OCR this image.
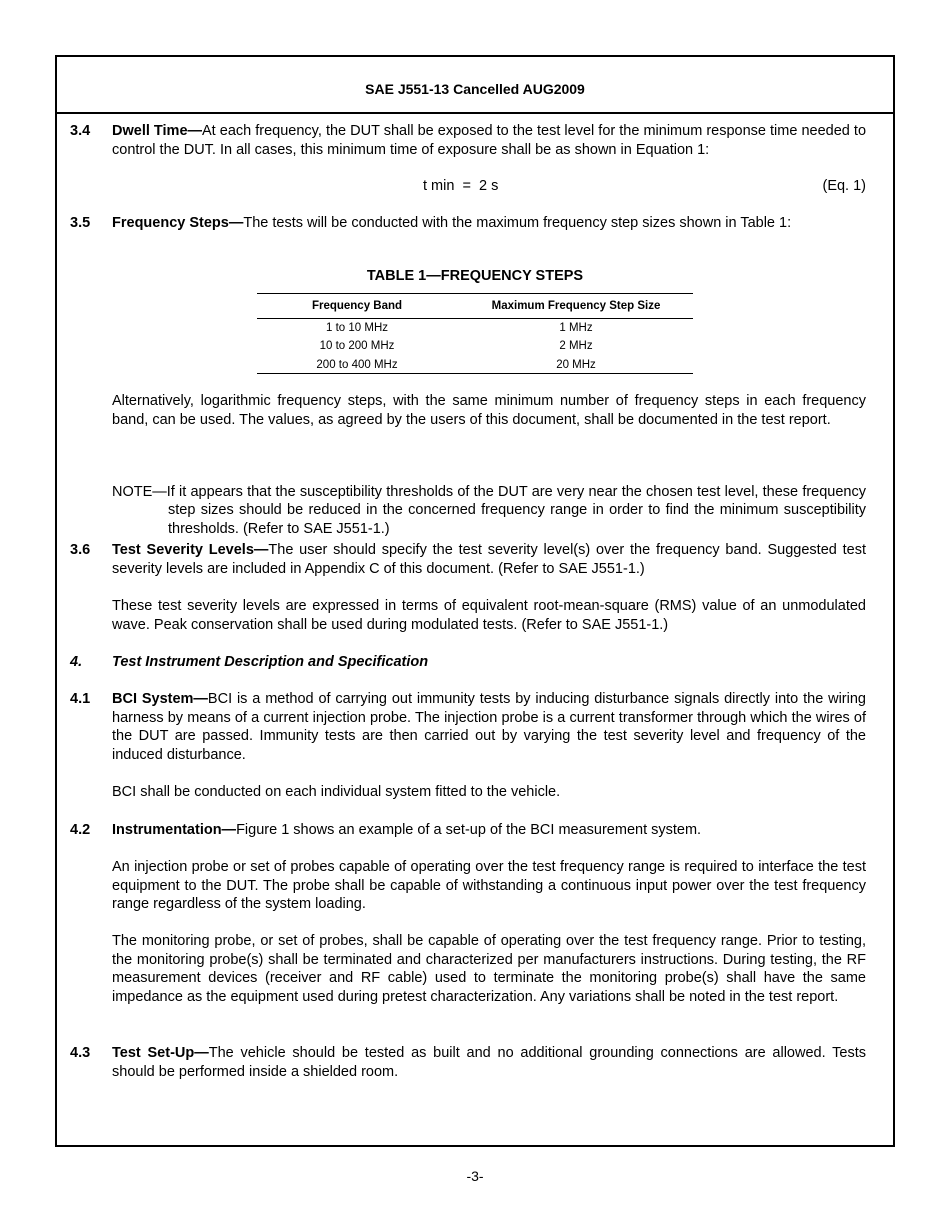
SAE J551-13 Cancelled AUG2009
3.4 Dwell Time—At each frequency, the DUT shall be exposed to the test level for the minimum response time needed to control the DUT. In all cases, this minimum time of exposure shall be as shown in Equation 1:

t min  =  2 s	(Eq. 1)
3.5 Frequency Steps—The tests will be conducted with the maximum frequency step sizes shown in Table 1:

TABLE 1—FREQUENCY STEPS
Frequency Band	Maximum Frequency Step Size
1 to 10 MHz	1 MHz
10 to 200 MHz	2 MHz
200 to 400 MHz	20 MHz

Alternatively, logarithmic frequency steps, with the same minimum number of frequency steps in each frequency band, can be used. The values, as agreed by the users of this document, shall be documented in the test report.

NOTE—If it appears that the susceptibility thresholds of the DUT are very near the chosen test level, these frequency step sizes should be reduced in the concerned frequency range in order to find the minimum susceptibility thresholds. (Refer to SAE J551-1.)

3.6 Test Severity Levels—The user should specify the test severity level(s) over the frequency band. Suggested test severity levels are included in Appendix C of this document. (Refer to SAE J551-1.)

These test severity levels are expressed in terms of equivalent root-mean-square (RMS) value of an unmodulated wave. Peak conservation shall be used during modulated tests. (Refer to SAE J551-1.)

4. Test Instrument Description and Specification

4.1 BCI System—BCI is a method of carrying out immunity tests by inducing disturbance signals directly into the wiring harness by means of a current injection probe. The injection probe is a current transformer through which the wires of the DUT are passed. Immunity tests are then carried out by varying the test severity level and frequency of the induced disturbance.

BCI shall be conducted on each individual system fitted to the vehicle.

4.2 Instrumentation—Figure 1 shows an example of a set-up of the BCI measurement system.

An injection probe or set of probes capable of operating over the test frequency range is required to interface the test equipment to the DUT. The probe shall be capable of withstanding a continuous input power over the test frequency range regardless of the system loading.

The monitoring probe, or set of probes, shall be capable of operating over the test frequency range. Prior to testing, the monitoring probe(s) shall be terminated and characterized per manufacturers instructions. During testing, the RF measurement devices (receiver and RF cable) used to terminate the monitoring probe(s) shall have the same impedance as the equipment used during pretest characterization. Any variations shall be noted in the test report.

4.3 Test Set-Up—The vehicle should be tested as built and no additional grounding connections are allowed. Tests should be performed inside a shielded room.

-3-
